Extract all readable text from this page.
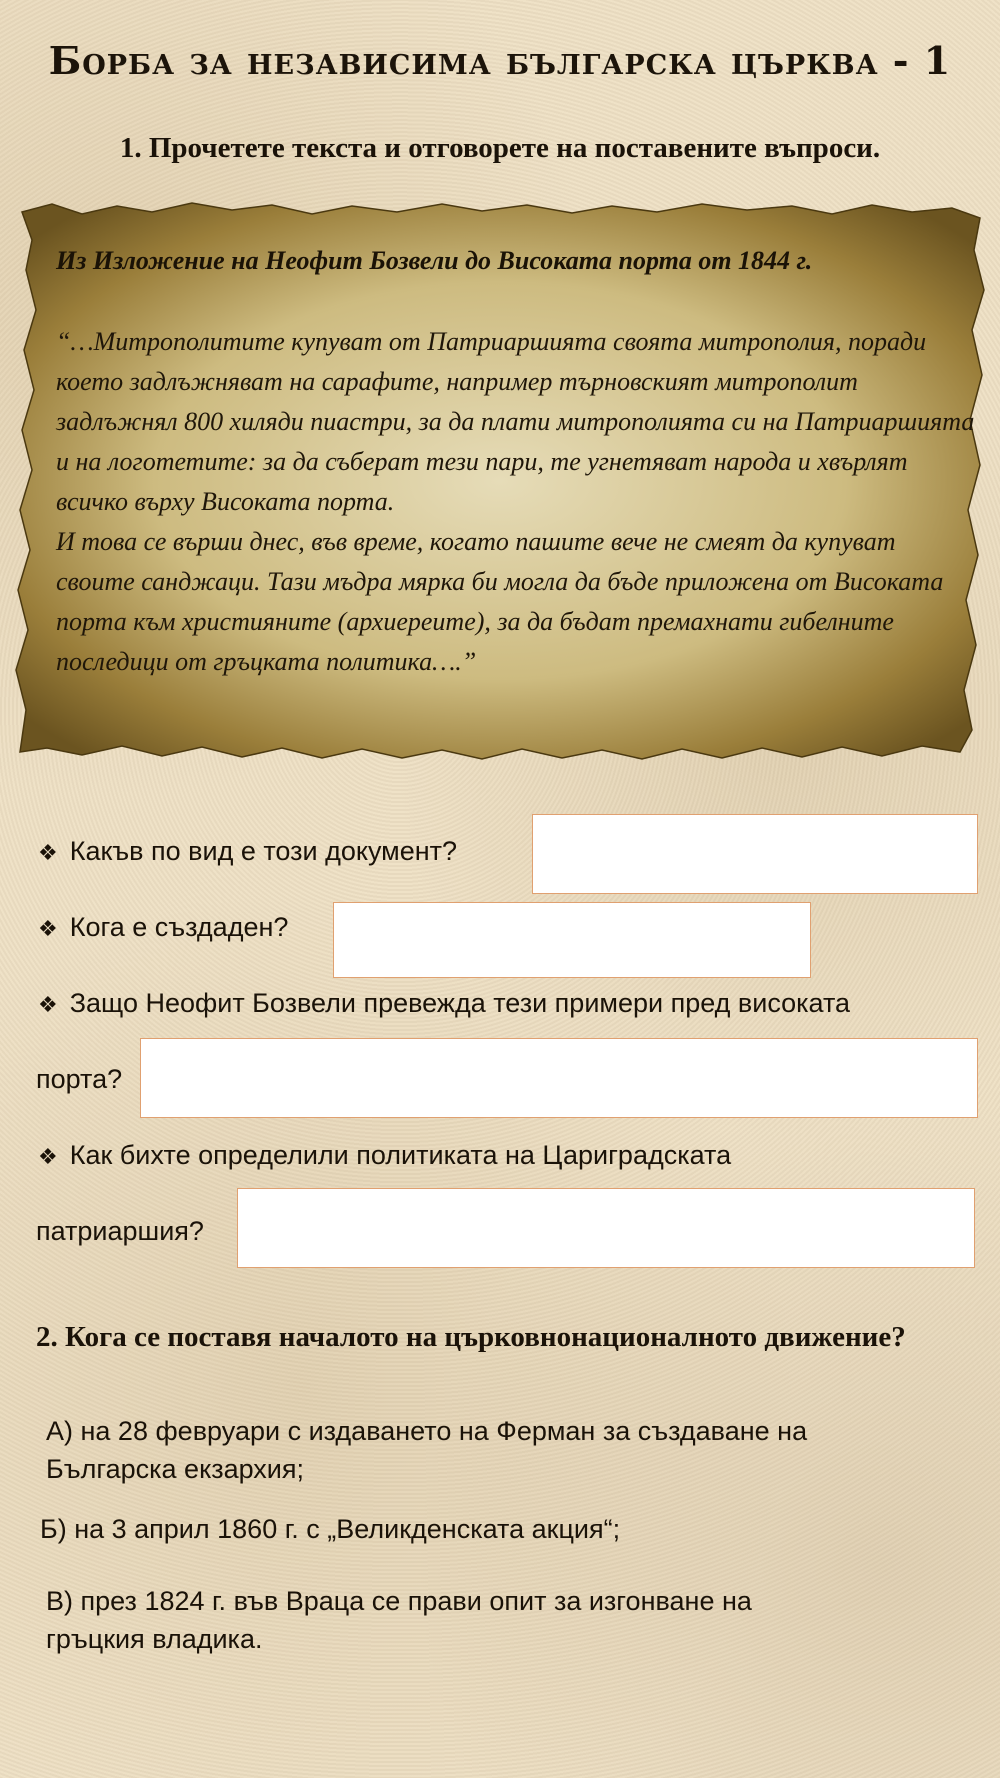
Борба за независима българска църква - 1
1. Прочетете текста и отговорете на поставените въпроси.
Из Изложение на Неофит Бозвели до Високата порта от 1844 г.

“…Митрополитите купуват от Патриаршията своята митрополия, поради което задлъжняват на сарафите, например търновският митрополит задлъжнял 800 хиляди пиастри, за да плати митрополията си на Патриаршията и на логотетите: за да съберат тези пари, те угнетяват народа и хвърлят всичко върху Високата порта.

И това се върши днес, във време, когато пашите вече не смеят да купуват своите санджаци. Тази мъдра мярка би могла да бъде приложена от Високата порта към християните (архиереите), за да бъдат премахнати гибелните последици от гръцката политика….”

❖ Какъв по вид е този документ?
❖ Кога е създаден?
❖ Защо Неофит Бозвели превежда тези примери пред високата
порта?
❖ Как бихте определили политиката на Цариградската
патриаршия?
2. Кога се поставя началото на църковнонационалното движение?
А) на 28 февруари с издаването на Ферман за създаване на
Българска екзархия;
Б) на 3 април 1860 г. с „Великденската акция“;
В) през 1824 г. във Враца се прави опит за изгонване на
гръцкия владика.
